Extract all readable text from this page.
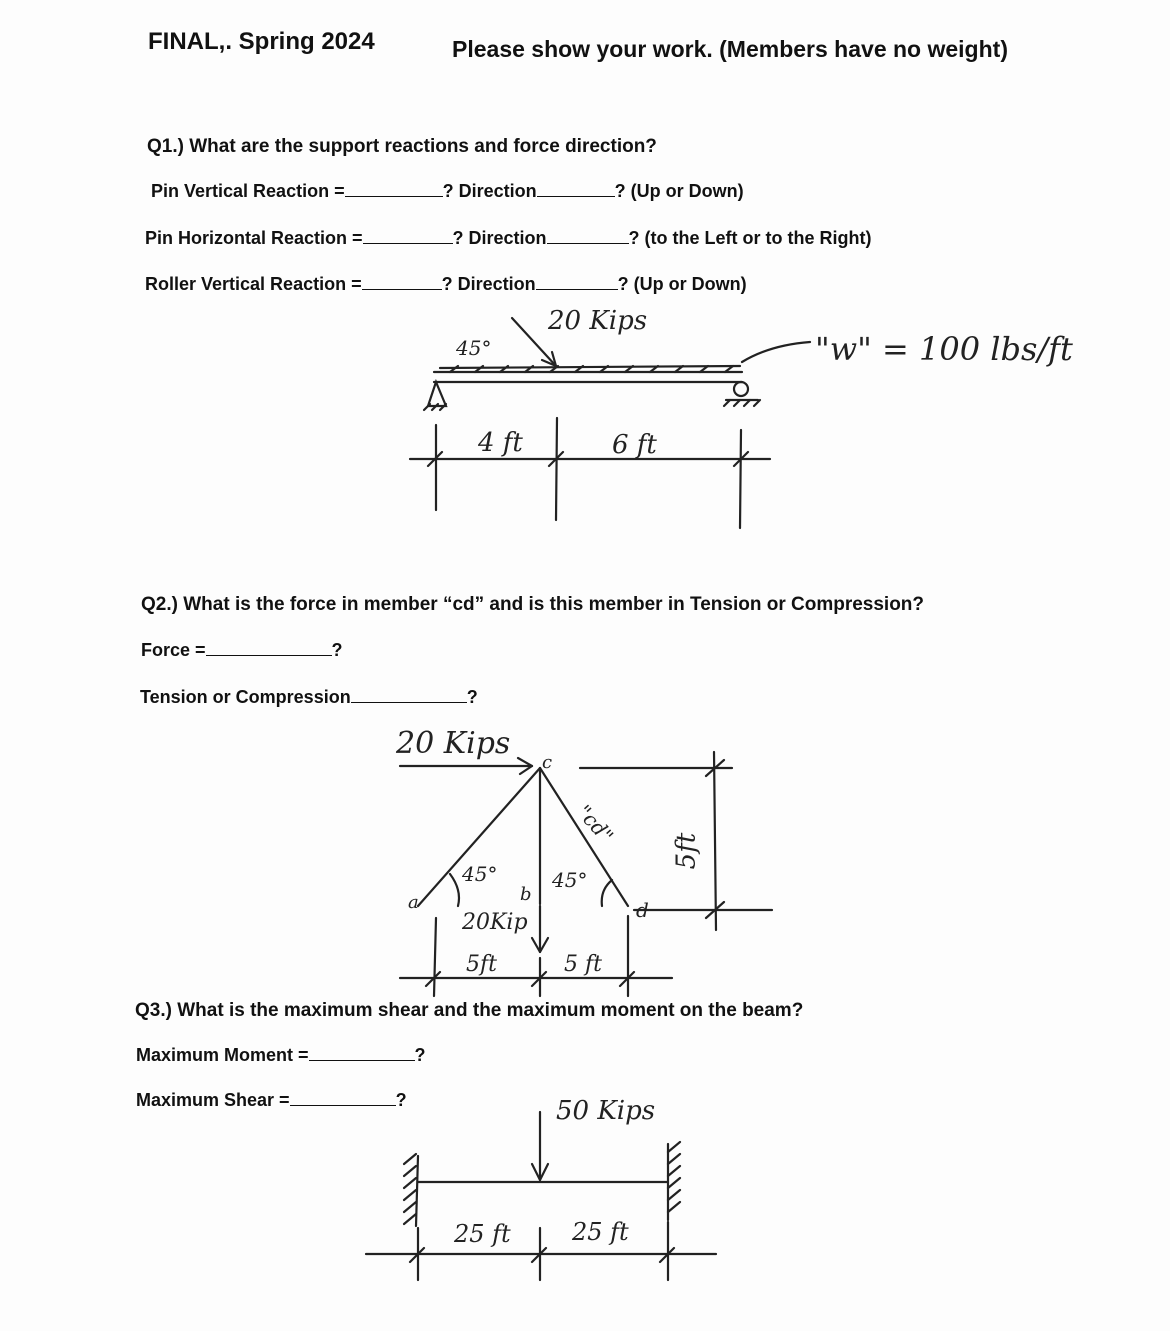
FINAL,. Spring 2024	Please show your work. (Members have no weight)
Q1.) What are the support reactions and force direction?
Pin Vertical Reaction =	? Direction	? (Up or Down)
Pin Horizontal Reaction =	? Direction	? (to the Left or to the Right)
Roller Vertical Reaction =	? Direction	? (Up or Down)
20 Kips
45°	"w" = 100 lbs/ft
4 ft	6 ft
Q2.) What is the force in member “cd” and is this member in Tension or Compression?
Force =	?
Tension or Compression	?
20 Kips
c
"cd"
45°	45°
a	b
d
5ft
20Kip
5ft	5 ft
Q3.) What is the maximum shear and the maximum moment on the beam?
Maximum Moment =	?
Maximum Shear =	?	50 Kips
25 ft	25 ft
